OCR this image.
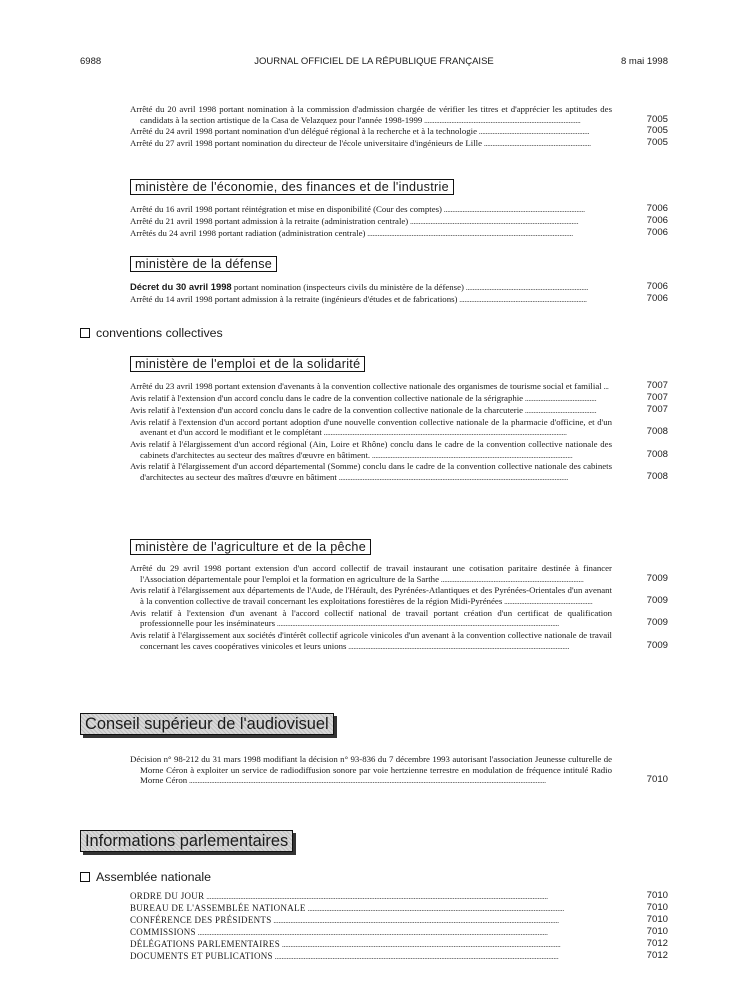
6988	JOURNAL OFFICIEL DE LA RÉPUBLIQUE FRANÇAISE	8 mai 1998
Arrêté du 20 avril 1998 portant nomination à la commission d'admission chargée de vérifier les titres et d'apprécier les aptitudes des candidats à la section artistique de la Casa de Velazquez pour l'année 1998-1999 ............................................................................................	7005
Arrêté du 24 avril 1998 portant nomination d'un délégué régional à la recherche et à la technologie .................................................................	7005
Arrêté du 27 avril 1998 portant nomination du directeur de l'école universitaire d'ingénieurs de Lille ...............................................................	7005
ministère de l'économie, des finances et de l'industrie
Arrêté du 16 avril 1998 portant réintégration et mise en disponibilité (Cour des comptes) ...................................................................................	7006
Arrêté du 21 avril 1998 portant admission à la retraite (administration centrale) ...................................................................................................	7006
Arrêtés du 24 avril 1998 portant radiation (administration centrale) .........................................................................................................................	7006
ministère de la défense
Décret du 30 avril 1998 portant nomination (inspecteurs civils du ministère de la défense) ........................................................................	7006
Arrêté du 14 avril 1998 portant admission à la retraite (ingénieurs d'études et de fabrications) ...........................................................................	7006
conventions collectives
ministère de l'emploi et de la solidarité
Arrêté du 23 avril 1998 portant extension d'avenants à la convention collective nationale des organismes de tourisme social et familial ...	7007
Avis relatif à l'extension d'un accord conclu dans le cadre de la convention collective nationale de la sérigraphie ..........................................	7007
Avis relatif à l'extension d'un accord conclu dans le cadre de la convention collective nationale de la charcuterie ..........................................	7007
Avis relatif à l'extension d'un accord portant adoption d'une nouvelle convention collective nationale de la pharmacie d'officine, et d'un avenant et d'un accord le modifiant et le complétant ...............................................................................................................................................	7008
Avis relatif à l'élargissement d'un accord régional (Ain, Loire et Rhône) conclu dans le cadre de la convention collective nationale des cabinets d'architectes au secteur des maîtres d'œuvre en bâtiment. ......................................................................................................................	7008
Avis relatif à l'élargissement d'un accord départemental (Somme) conclu dans le cadre de la convention collective nationale des cabinets d'architectes au secteur des maîtres d'œuvre en bâtiment .......................................................................................................................................	7008
ministère de l'agriculture et de la pêche
Arrêté du 29 avril 1998 portant extension d'un accord collectif de travail instaurant une cotisation paritaire destinée à financer l'Association départementale pour l'emploi et la formation en agriculture de la Sarthe ....................................................................................	7009
Avis relatif à l'élargissement aux départements de l'Aude, de l'Hérault, des Pyrénées-Atlantiques et des Pyrénées-Orientales d'un avenant à la convention collective de travail concernant les exploitations forestières de la région Midi-Pyrénées ....................................................	7009
Avis relatif à l'extension d'un avenant à l'accord collectif national de travail portant création d'un certificat de qualification professionnelle pour les inséminateurs ......................................................................................................................................................................	7009
Avis relatif à l'élargissement aux sociétés d'intérêt collectif agricole vinicoles d'un avenant à la convention collective nationale de travail concernant les caves coopératives vinicoles et leurs unions ..................................................................................................................................	7009
Conseil supérieur de l'audiovisuel
Décision n° 98-212 du 31 mars 1998 modifiant la décision n° 93-836 du 7 décembre 1993 autorisant l'association Jeunesse culturelle de Morne Céron à exploiter un service de radiodiffusion sonore par voie hertzienne terrestre en modulation de fréquence intitulé Radio Morne Céron ..................................................................................................................................................................................................................	7010
Informations parlementaires
Assemblée nationale
ORDRE DU JOUR .........................................................................................................................................................................................................	7010
BUREAU DE L'ASSEMBLÉE NATIONALE .......................................................................................................................................................	7010
CONFÉRENCE DES PRÉSIDENTS ........................................................................................................................................................................	7010
COMMISSIONS ..............................................................................................................................................................................................................	7010
DÉLÉGATIONS PARLEMENTAIRES ....................................................................................................................................................................	7012
DOCUMENTS ET PUBLICATIONS .......................................................................................................................................................................	7012
